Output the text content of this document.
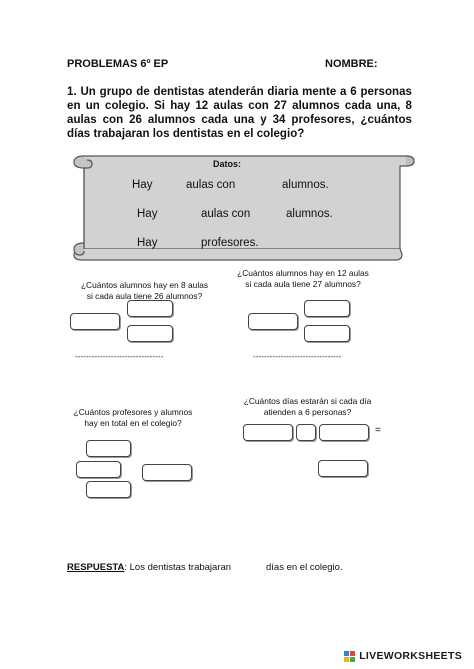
PROBLEMAS 6º EP	NOMBRE:
1. Un grupo de dentistas atenderán diaria mente a 6 personas en un colegio. Si hay 12 aulas con 27 alumnos cada una, 8 aulas con 26 alumnos cada una y 34 profesores, ¿cuántos días trabajaran los dentistas en el colegio?
Datos:
Hay	aulas con	alumnos.
Hay	aulas con	alumnos.
Hay	profesores.
¿Cuántos alumnos hay en 8 aulas
si cada aula tiene 26 alumnos?
--------------------------------
¿Cuántos alumnos hay en 12 aulas
si cada aula tiene 27 alumnos?
--------------------------------
¿Cuántos profesores y alumnos
hay en total en el colegio?
¿Cuántos días estarán si cada día
atienden a 6 personas?
=
RESPUESTA: Los dentistas trabajaran	días en el colegio.
LIVEWORKSHEETS
